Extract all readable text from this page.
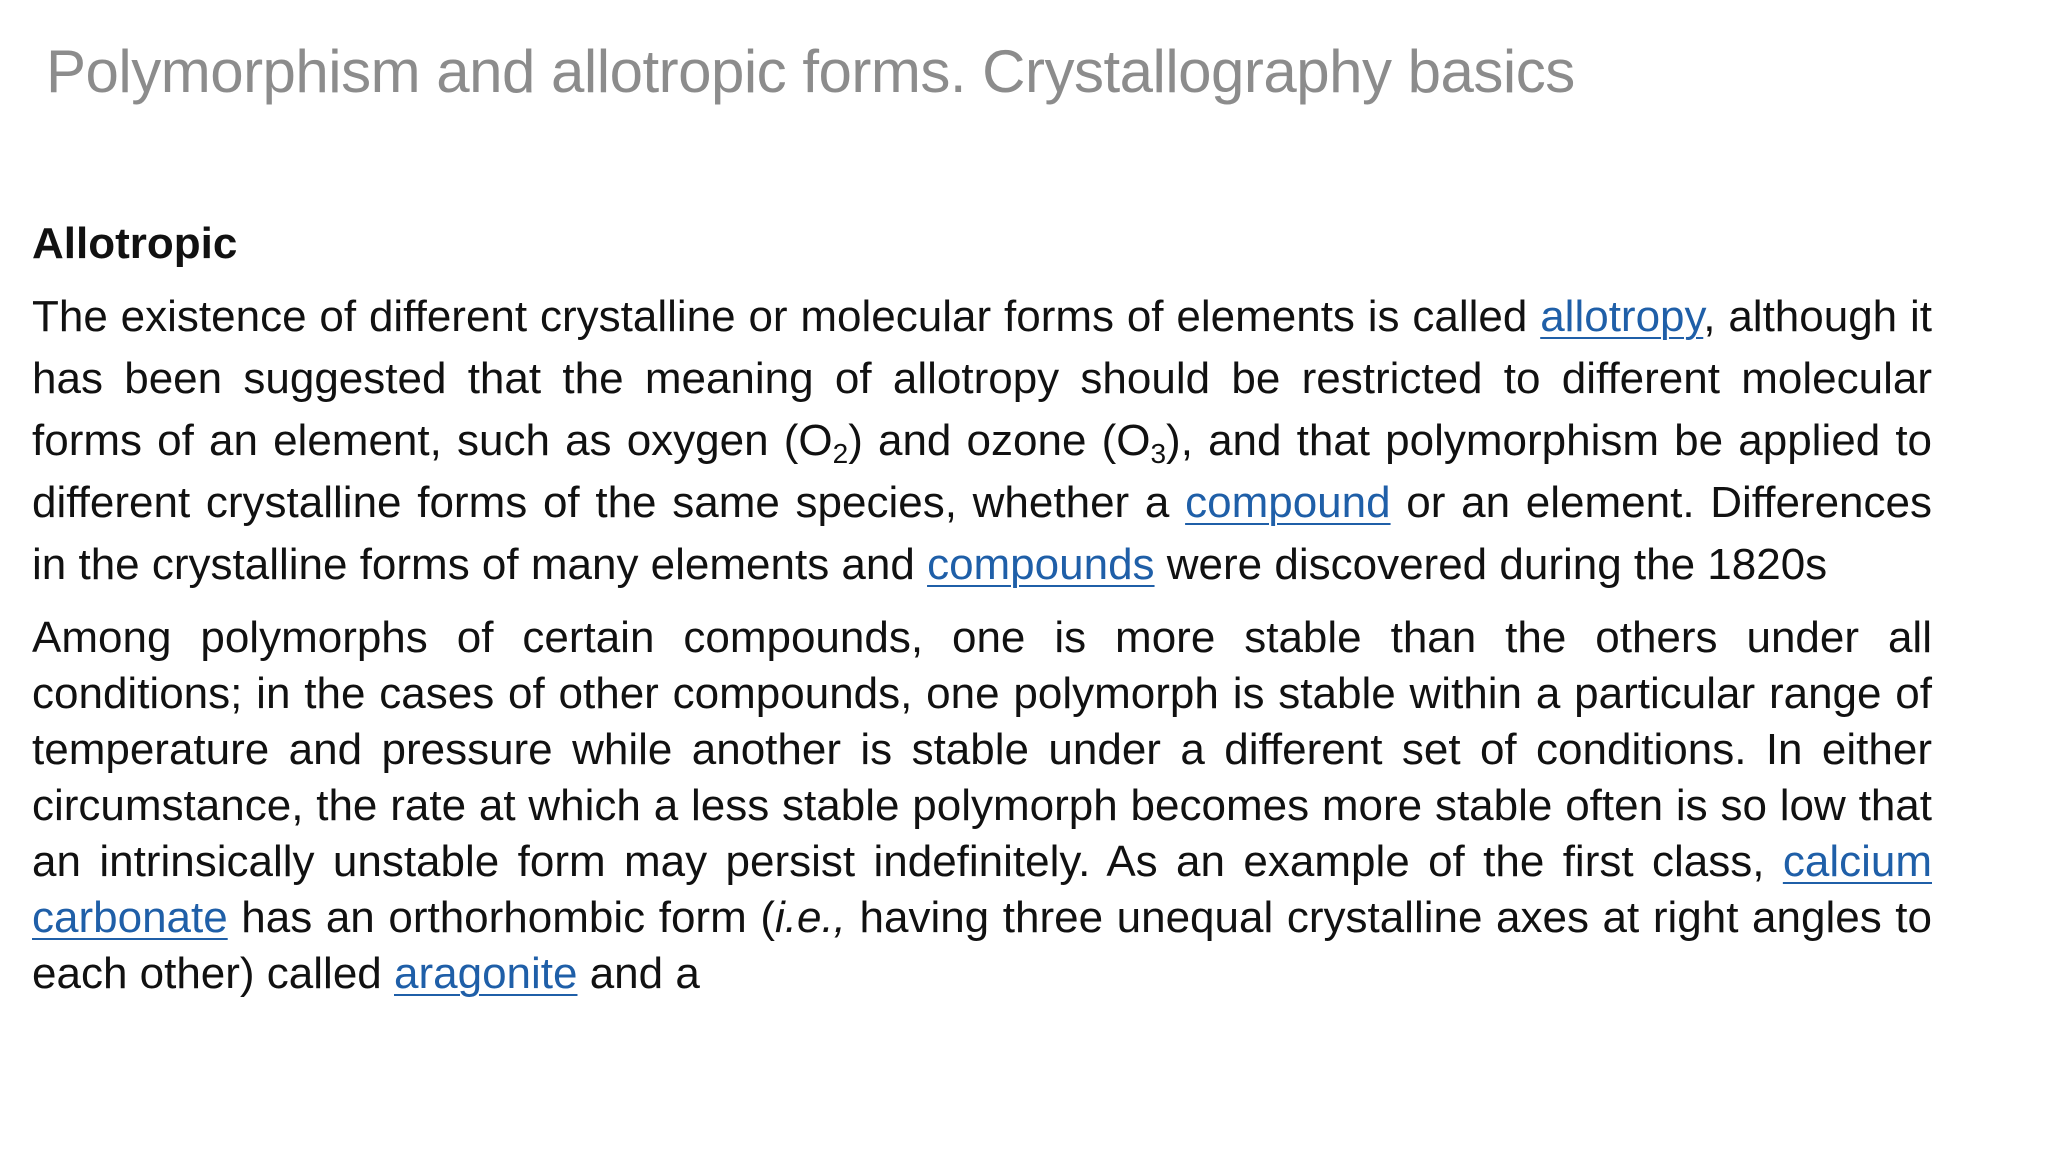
Polymorphism and allotropic forms. Crystallography basics
Allotropic

The existence of different crystalline or molecular forms of elements is called allotropy, although it has been suggested that the meaning of allotropy should be restricted to different molecular forms of an element, such as oxygen $(O_2)$ and ozone $(O_3)$, and that polymorphism be applied to different crystalline forms of the same species, whether a compound or an element. Differences in the crystalline forms of many elements and compounds were discovered during the 1820s

Among polymorphs of certain compounds, one is more stable than the others under all conditions; in the cases of other compounds, one polymorph is stable within a particular range of temperature and pressure while another is stable under a different set of conditions. In either circumstance, the rate at which a less stable polymorph becomes more stable often is so low that an intrinsically unstable form may persist indefinitely. As an example of the first class, calcium carbonate has an orthorhombic form (i.e., having three unequal crystalline axes at right angles to each other) called aragonite and a
